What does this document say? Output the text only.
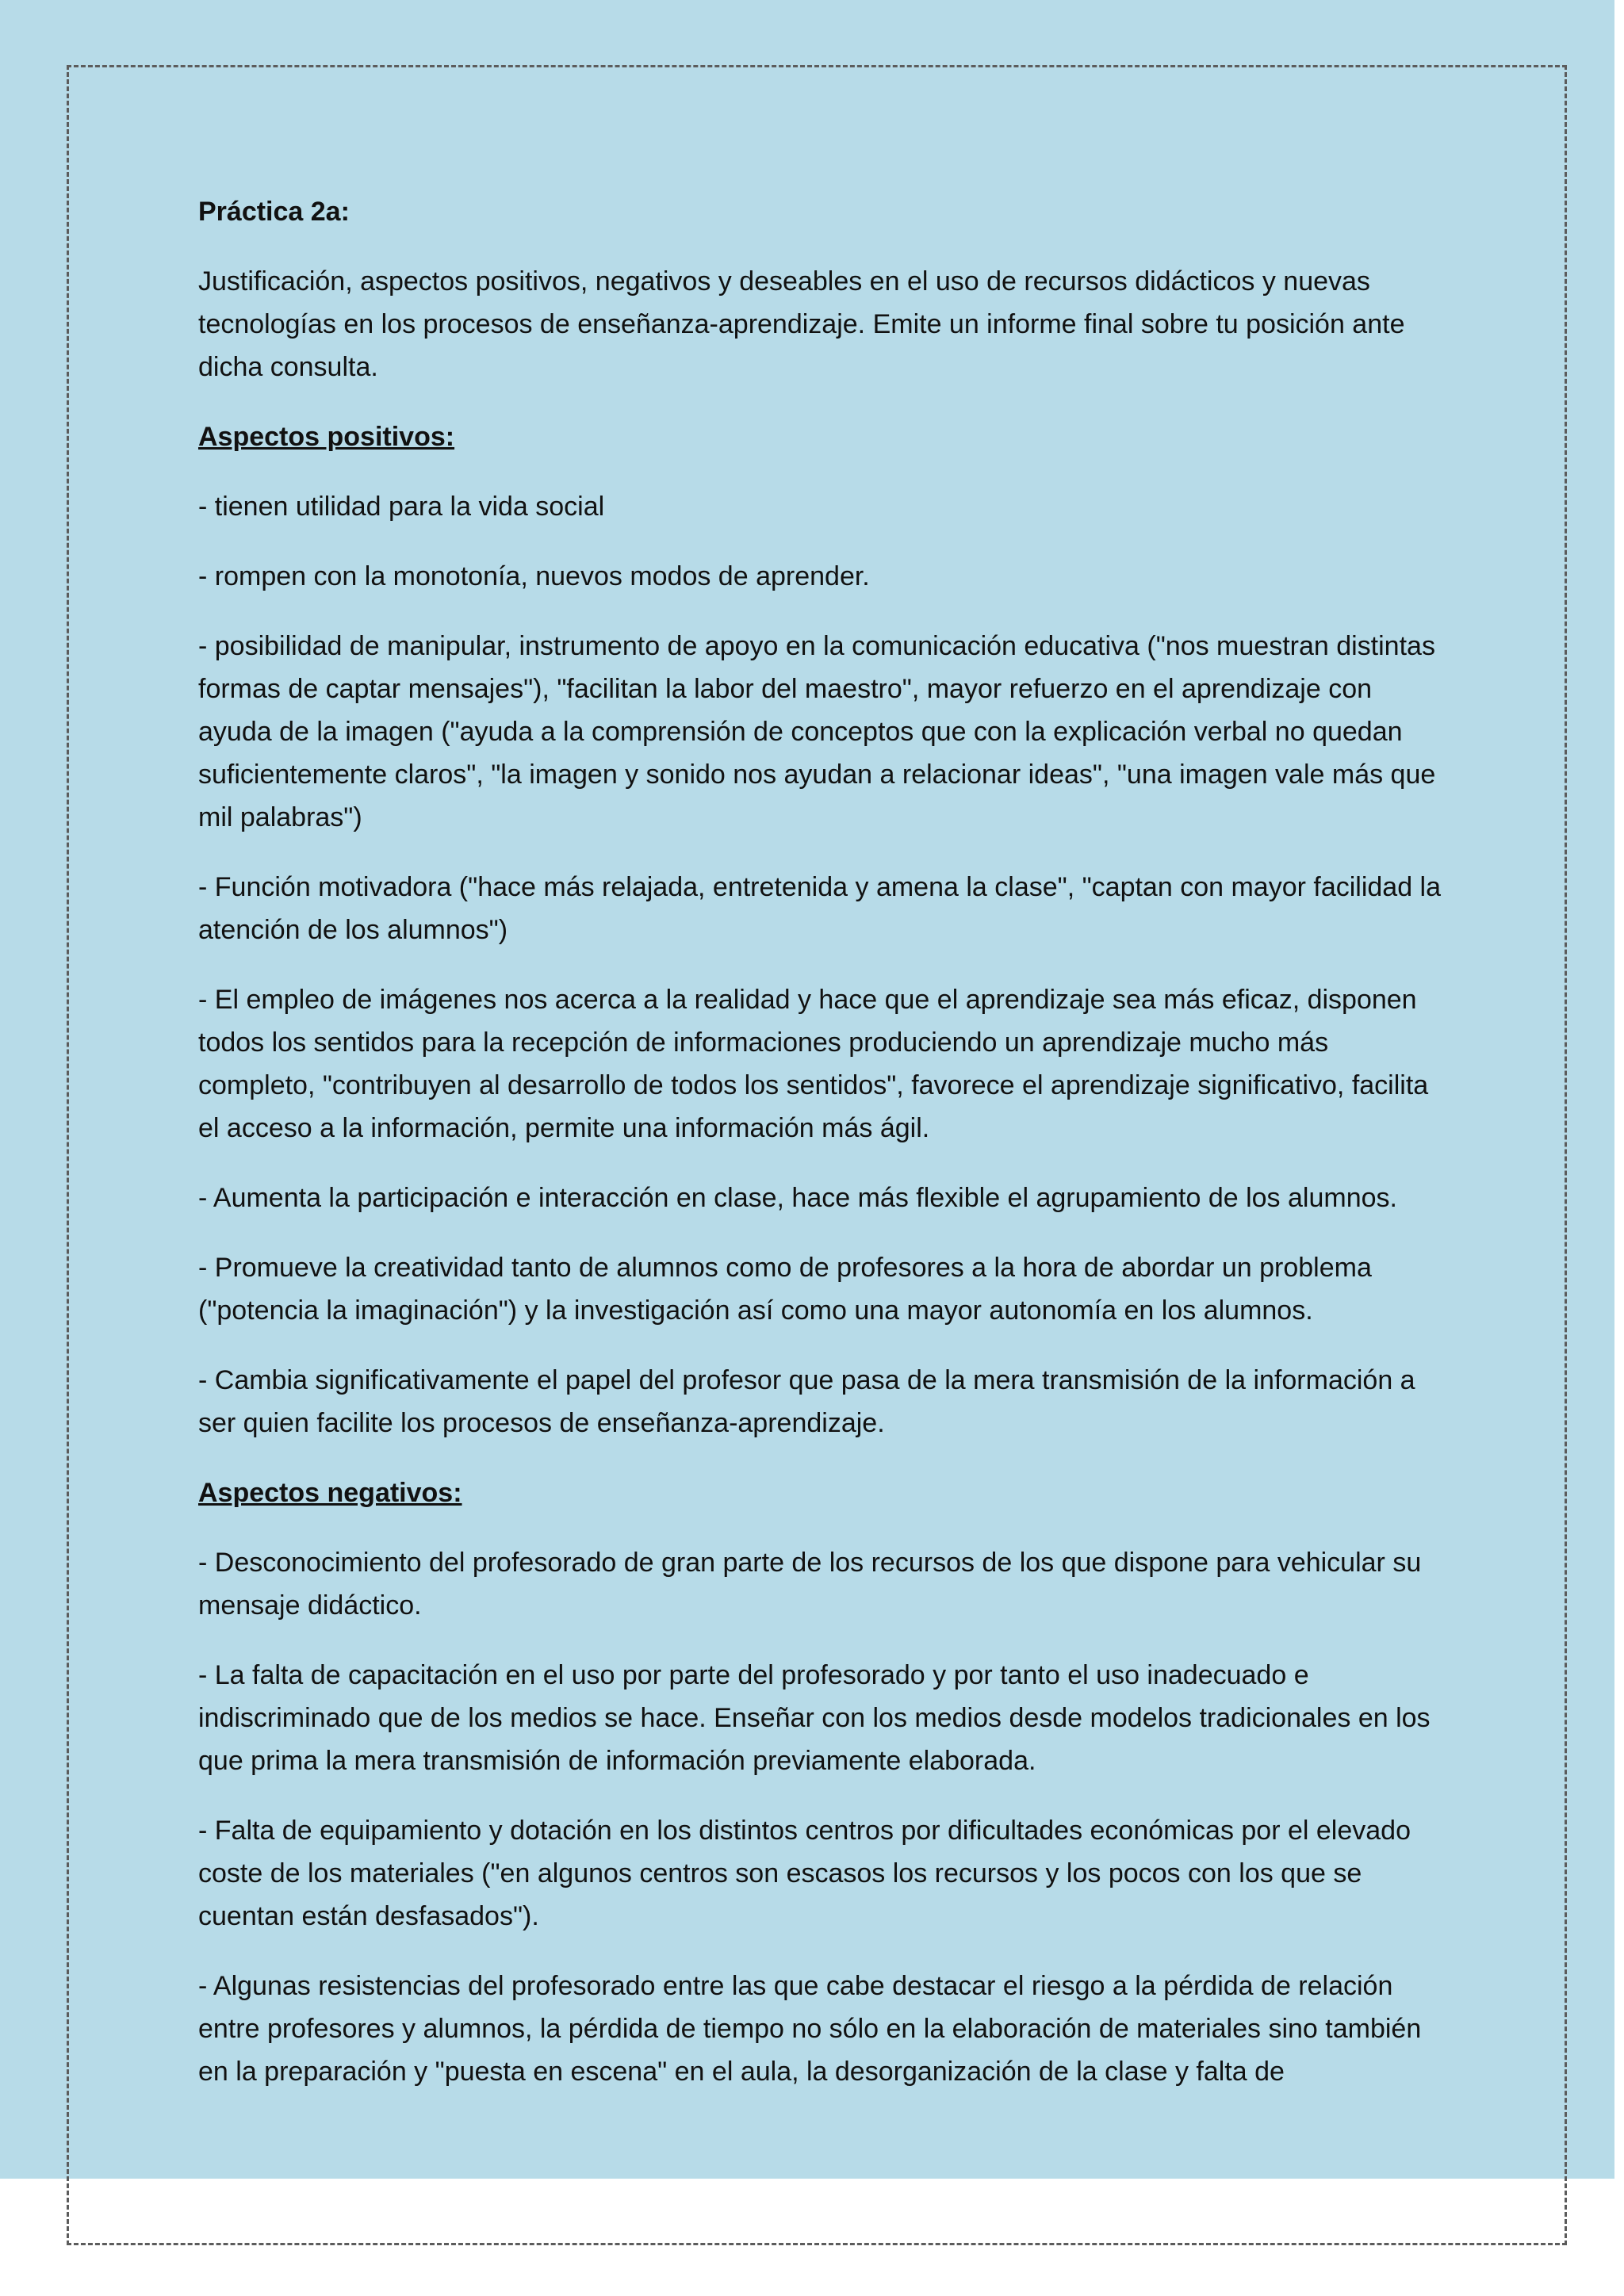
Práctica 2a:

Justificación, aspectos positivos, negativos y deseables en el uso de recursos didácticos y nuevas tecnologías en los procesos de enseñanza-aprendizaje. Emite un informe final sobre tu posición ante dicha consulta.

Aspectos positivos:

- tienen utilidad para la vida social

- rompen con la monotonía, nuevos modos de aprender.

- posibilidad de manipular, instrumento de apoyo en la comunicación educativa ("nos muestran distintas formas de captar mensajes"), "facilitan la labor del maestro", mayor refuerzo en el aprendizaje con ayuda de la imagen ("ayuda a la comprensión de conceptos que con la explicación verbal no quedan suficientemente claros", "la imagen y sonido nos ayudan a relacionar ideas", "una imagen vale más que mil palabras")

- Función motivadora ("hace más relajada, entretenida y amena la clase", "captan con mayor facilidad la atención de los alumnos")

- El empleo de imágenes nos acerca a la realidad y hace que el aprendizaje sea más eficaz, disponen todos los sentidos para la recepción de informaciones produciendo un aprendizaje mucho más completo, "contribuyen al desarrollo de todos los sentidos", favorece el aprendizaje significativo, facilita el acceso a la información, permite una información más ágil.

- Aumenta la participación e interacción en clase, hace más flexible el agrupamiento de los alumnos.

- Promueve la creatividad tanto de alumnos como de profesores a la hora de abordar un problema ("potencia la imaginación") y la investigación así como una mayor autonomía en los alumnos.

- Cambia significativamente el papel del profesor que pasa de la mera transmisión de la información a ser quien facilite los procesos de enseñanza-aprendizaje.

Aspectos negativos:

- Desconocimiento del profesorado de gran parte de los recursos de los que dispone para vehicular su mensaje didáctico.

- La falta de capacitación en el uso por parte del profesorado y por tanto el uso inadecuado e indiscriminado que de los medios se hace. Enseñar con los medios desde modelos tradicionales en los que prima la mera transmisión de información previamente elaborada.

- Falta de equipamiento y dotación en los distintos centros por dificultades económicas por el elevado coste de los materiales ("en algunos centros son escasos los recursos y los pocos con los que se cuentan están desfasados").

- Algunas resistencias del profesorado entre las que cabe destacar el riesgo a la pérdida de relación entre profesores y alumnos, la pérdida de tiempo no sólo en la elaboración de materiales sino también en la preparación y "puesta en escena" en el aula, la desorganización de la clase y falta de
